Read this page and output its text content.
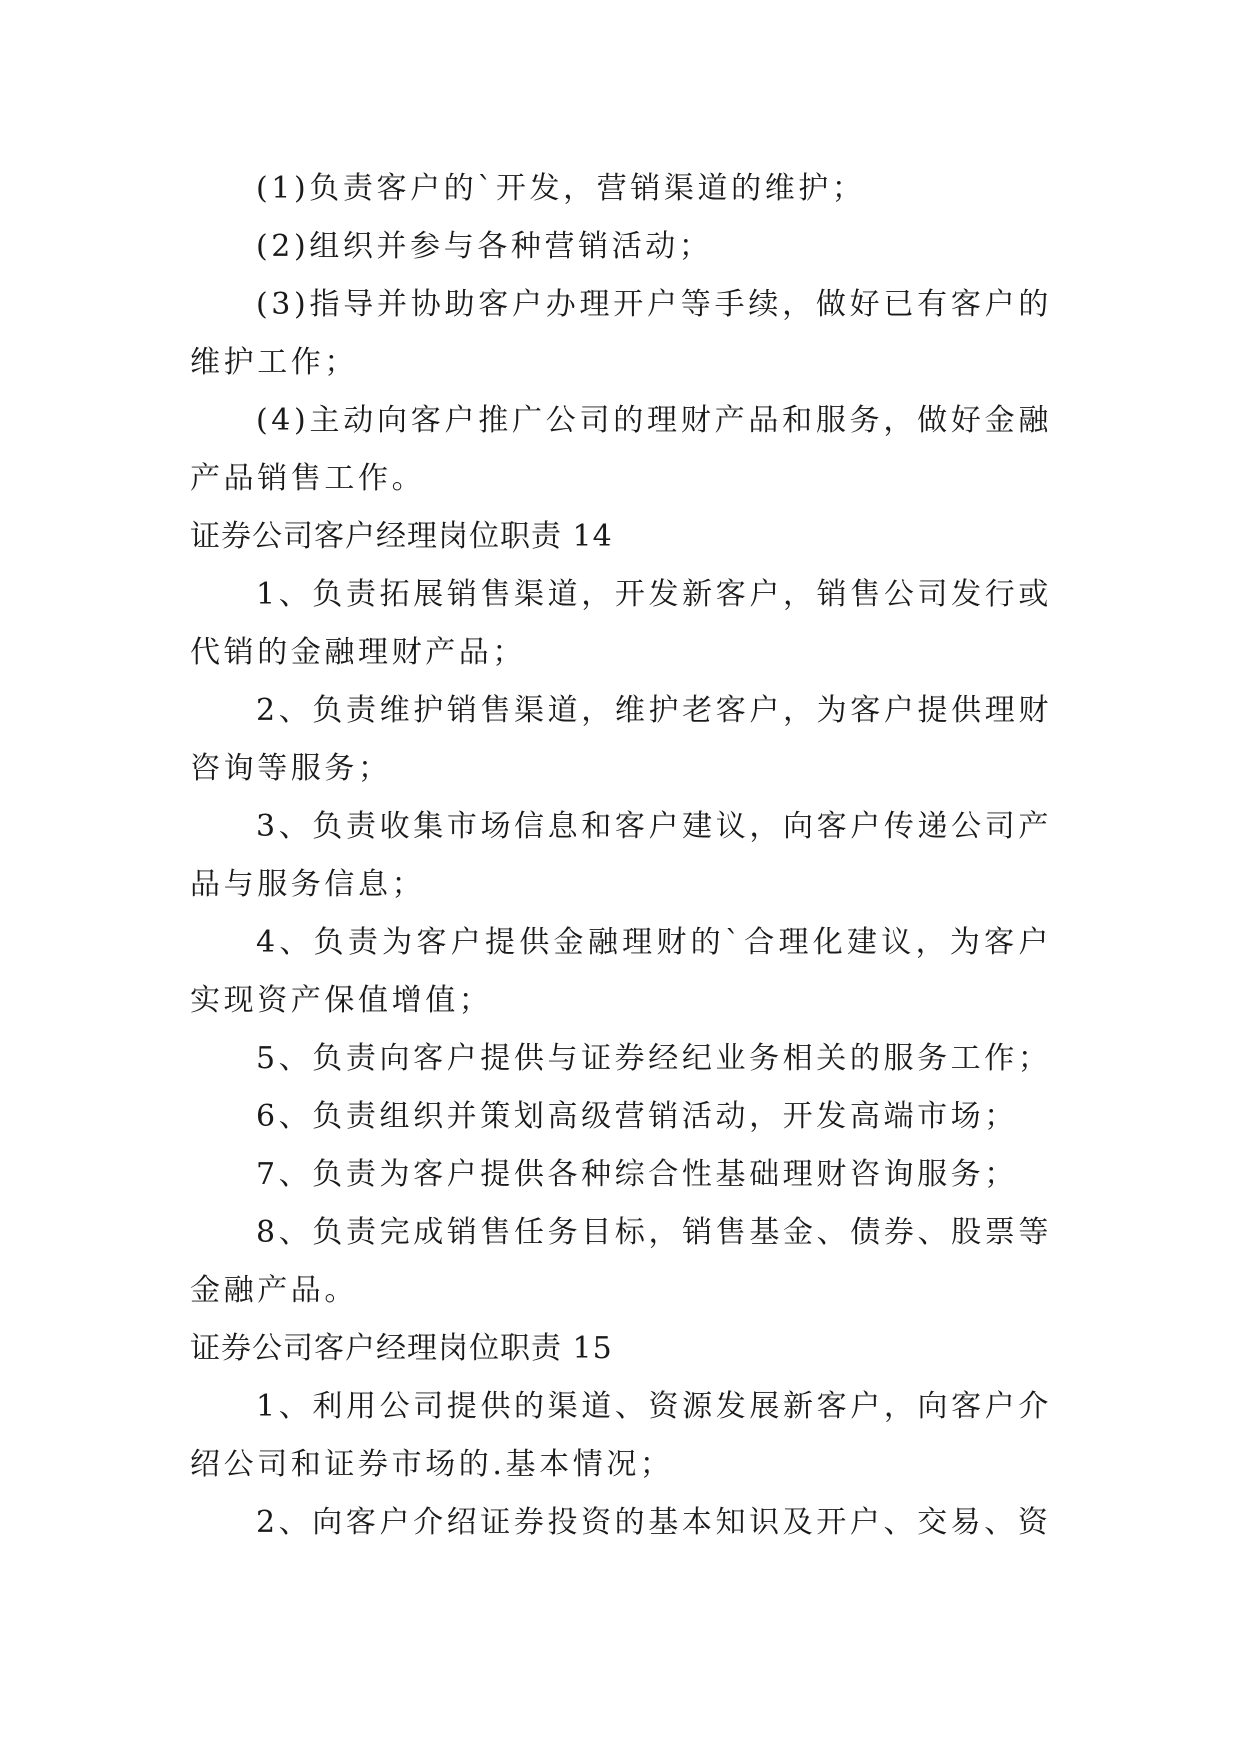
(1)负责客户的`开发，营销渠道的维护；

(2)组织并参与各种营销活动；

(3)指导并协助客户办理开户等手续，做好已有客户的维护工作；

(4)主动向客户推广公司的理财产品和服务，做好金融产品销售工作。

证券公司客户经理岗位职责 14

1、负责拓展销售渠道，开发新客户，销售公司发行或代销的金融理财产品；

2、负责维护销售渠道，维护老客户，为客户提供理财咨询等服务；

3、负责收集市场信息和客户建议，向客户传递公司产品与服务信息；

4、负责为客户提供金融理财的`合理化建议，为客户实现资产保值增值；

5、负责向客户提供与证券经纪业务相关的服务工作；

6、负责组织并策划高级营销活动，开发高端市场；

7、负责为客户提供各种综合性基础理财咨询服务；

8、负责完成销售任务目标，销售基金、债券、股票等金融产品。

证券公司客户经理岗位职责 15

1、利用公司提供的渠道、资源发展新客户，向客户介绍公司和证券市场的.基本情况；

2、向客户介绍证券投资的基本知识及开户、交易、资
